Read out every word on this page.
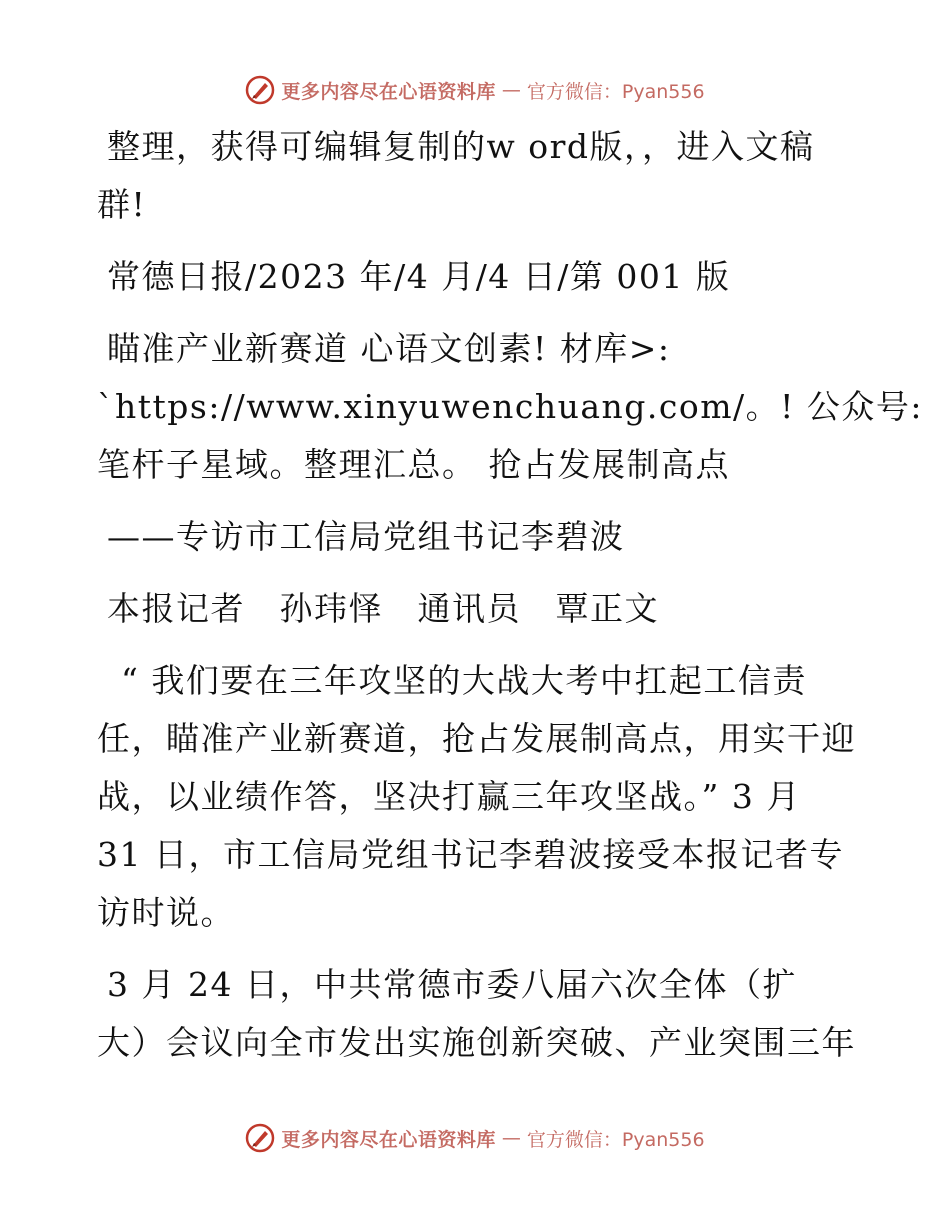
更多内容尽在心语资料库 — 官方微信：Pyan556
整理，获得可编辑复制的w ord版，，进入文稿
群!
常德日报/2023 年/4 月/4 日/第 001 版
瞄准产业新赛道 心语文创素! 材库>:
`https://www.xinyuwenchuang.com/。! 公众号:
笔杆子星域。整理汇总。 抢占发展制高点
——专访市工信局党组书记李碧波
本报记者　孙玮怿　通讯员　覃正文
“ 我们要在三年攻坚的大战大考中扛起工信责
任，瞄准产业新赛道，抢占发展制高点，用实干迎
战，以业绩作答，坚决打赢三年攻坚战。” 3 月
31 日，市工信局党组书记李碧波接受本报记者专
访时说。
3 月 24 日，中共常德市委八届六次全体（扩
大）会议向全市发出实施创新突破、产业突围三年
更多内容尽在心语资料库 — 官方微信：Pyan556
